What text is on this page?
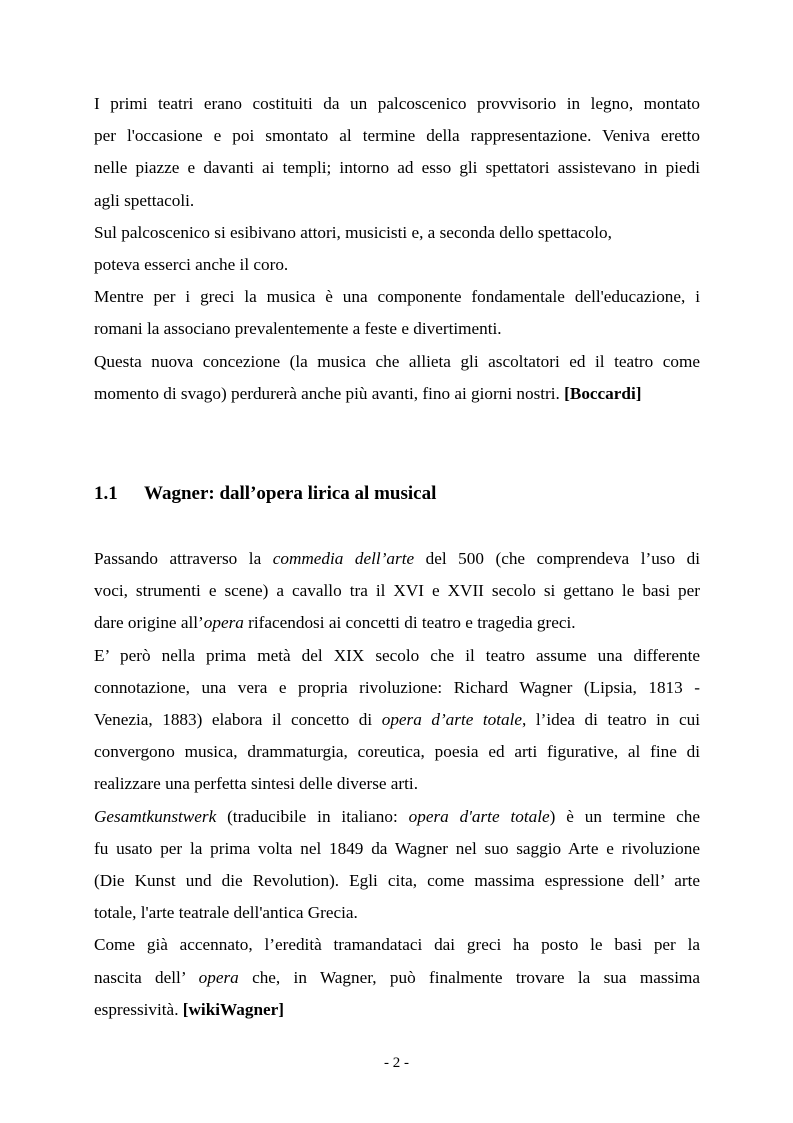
I primi teatri erano costituiti da un palcoscenico provvisorio in legno, montato
per l'occasione e poi smontato al termine della rappresentazione. Veniva eretto
nelle piazze e davanti ai templi; intorno ad esso gli spettatori assistevano in piedi
agli spettacoli.

Sul palcoscenico si esibivano attori, musicisti e, a seconda dello spettacolo,
poteva esserci anche il coro.

Mentre per i greci la musica è una componente fondamentale dell'educazione, i
romani la associano prevalentemente a feste e divertimenti.

Questa nuova concezione (la musica che allieta gli ascoltatori ed il teatro come
momento di svago) perdurerà anche più avanti, fino ai giorni nostri. [Boccardi]

1.1 Wagner: dall’opera lirica al musical

Passando attraverso la commedia dell’arte del 500 (che comprendeva l’uso di
voci, strumenti e scene) a cavallo tra il XVI e XVII secolo si gettano le basi per
dare origine all’opera rifacendosi ai concetti di teatro e tragedia greci.

E’ però nella prima metà del XIX secolo che il teatro assume una differente
connotazione, una vera e propria rivoluzione: Richard Wagner (Lipsia, 1813 -
Venezia, 1883) elabora il concetto di opera d’arte totale, l’idea di teatro in cui
convergono musica, drammaturgia, coreutica, poesia ed arti figurative, al fine di
realizzare una perfetta sintesi delle diverse arti.

Gesamtkunstwerk (traducibile in italiano: opera d'arte totale) è un termine che
fu usato per la prima volta nel 1849 da Wagner nel suo saggio Arte e rivoluzione
(Die Kunst und die Revolution). Egli cita, come massima espressione dell’ arte
totale, l'arte teatrale dell'antica Grecia.

Come già accennato, l’eredità tramandataci dai greci ha posto le basi per la
nascita dell’ opera che, in Wagner, può finalmente trovare la sua massima
espressività. [wikiWagner]

- 2 -
